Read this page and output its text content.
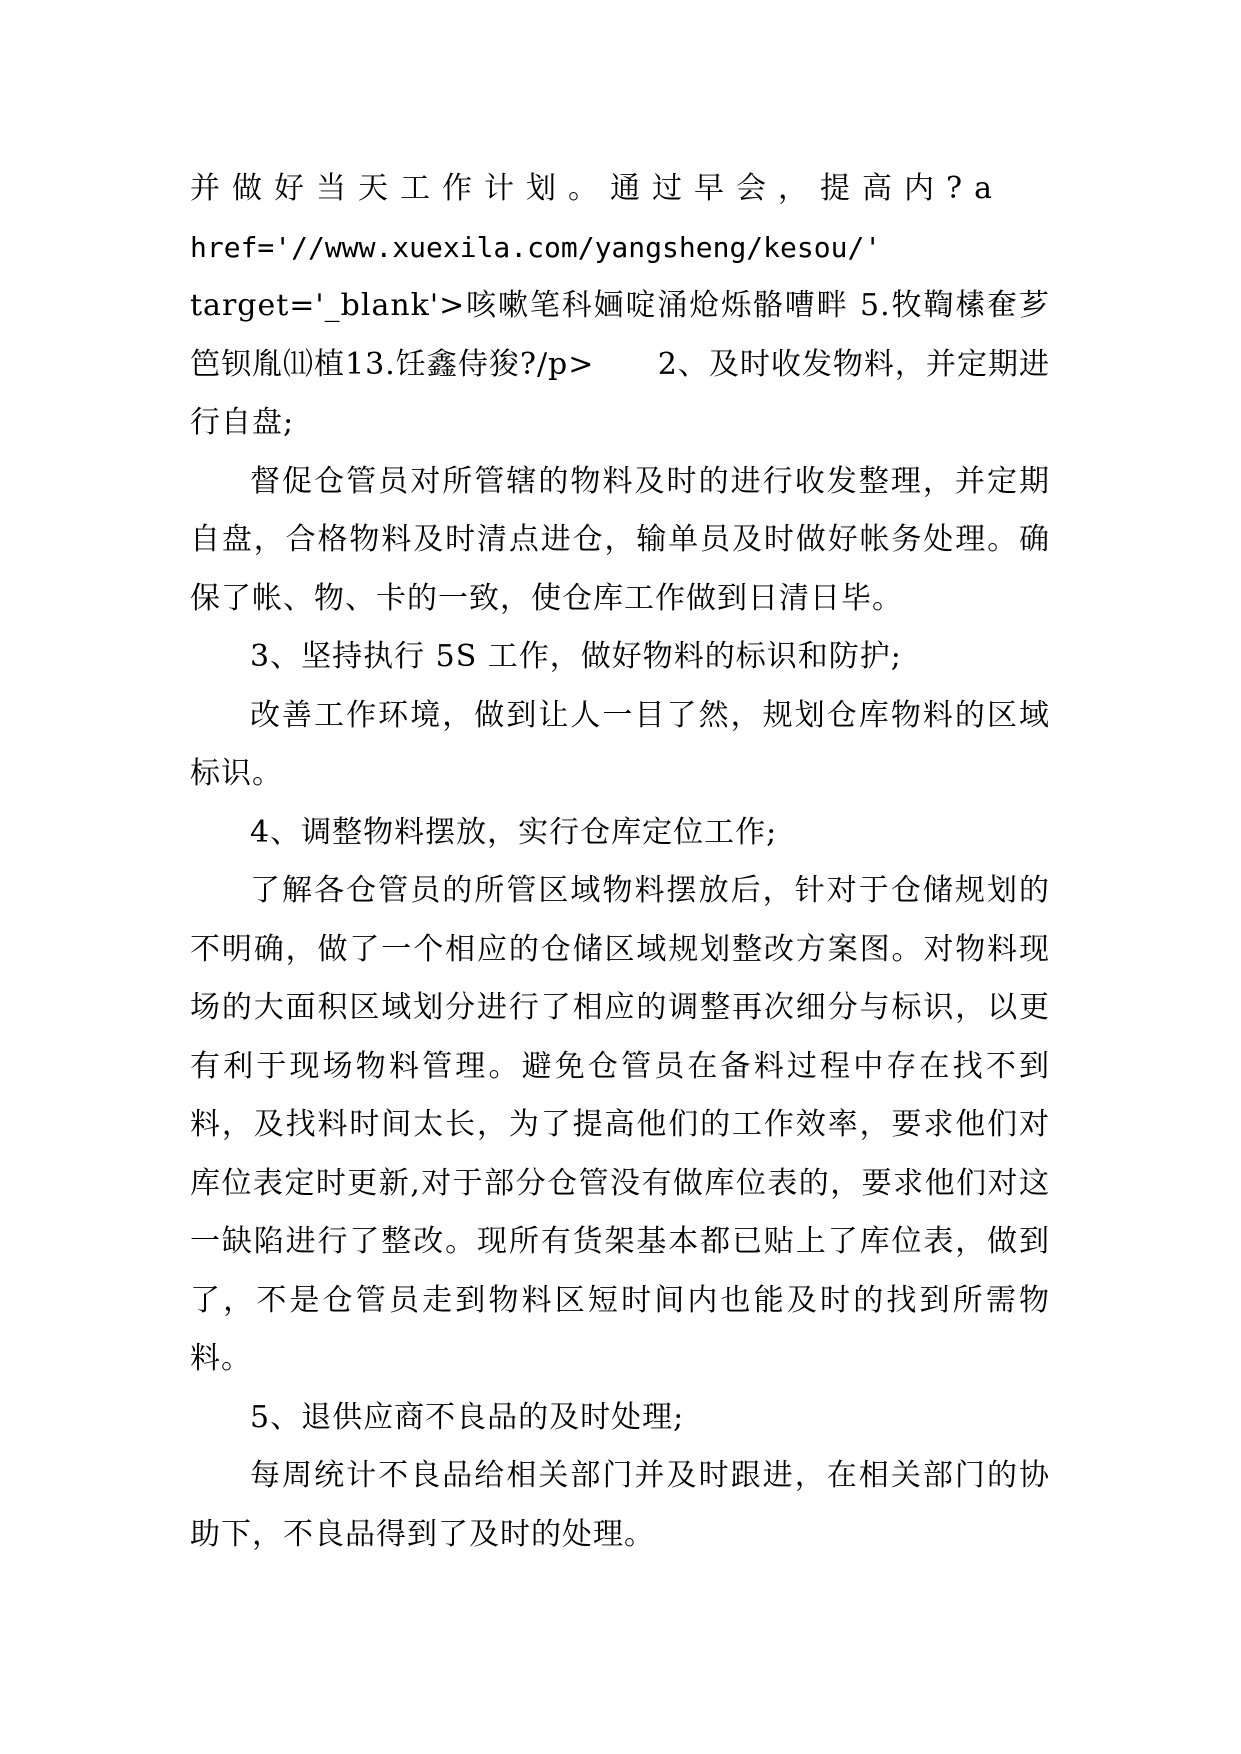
并做好当天工作计划。通过早会，提高内?a

href='//www.xuexila.com/yangsheng/kesou/'

target='_blank'>咳嗽笔科婳啶涌炝烁骼嘈畔 5.牧鞫榡奞芗笆钡胤⑾植13.饪鑫侍狻?/p> 2、及时收发物料，并定期进行自盘;

督促仓管员对所管辖的物料及时的进行收发整理，并定期自盘，合格物料及时清点进仓，输单员及时做好帐务处理。确保了帐、物、卡的一致，使仓库工作做到日清日毕。

3、坚持执行 5S 工作，做好物料的标识和防护;

改善工作环境，做到让人一目了然，规划仓库物料的区域标识。

4、调整物料摆放，实行仓库定位工作;

了解各仓管员的所管区域物料摆放后，针对于仓储规划的不明确，做了一个相应的仓储区域规划整改方案图。对物料现场的大面积区域划分进行了相应的调整再次细分与标识，以更有利于现场物料管理。避免仓管员在备料过程中存在找不到料，及找料时间太长，为了提高他们的工作效率，要求他们对库位表定时更新,对于部分仓管没有做库位表的，要求他们对这一缺陷进行了整改。现所有货架基本都已贴上了库位表，做到了，不是仓管员走到物料区短时间内也能及时的找到所需物料。

5、退供应商不良品的及时处理;

每周统计不良品给相关部门并及时跟进，在相关部门的协助下，不良品得到了及时的处理。
